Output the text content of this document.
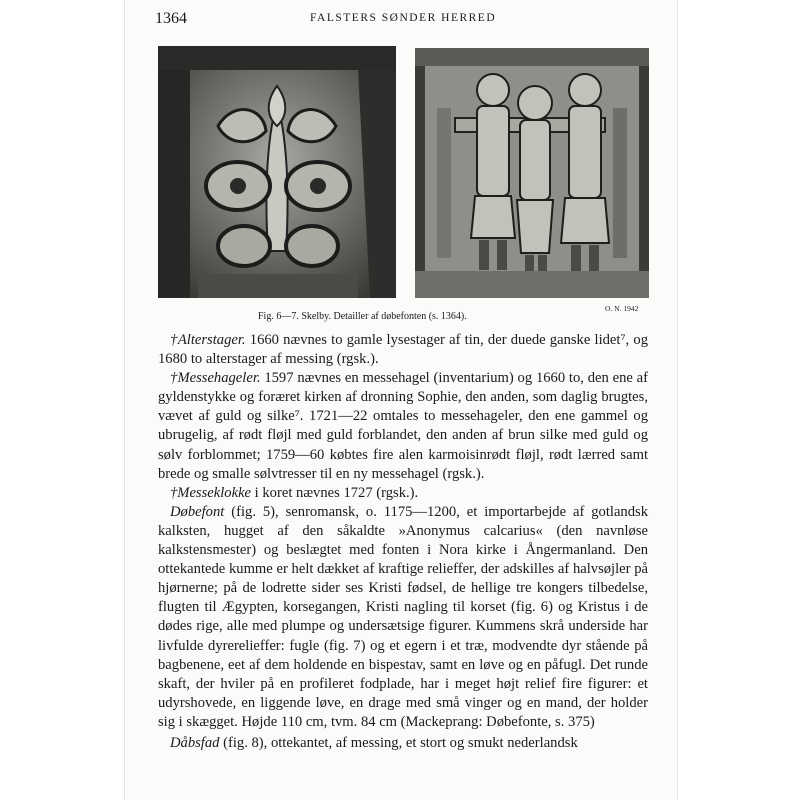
1364	FALSTERS SØNDER HERRED
Fig. 6—7. Skelby. Detailler af døbefonten (s. 1364).
O. N. 1942

†Alterstager. 1660 nævnes to gamle lysestager af tin, der duede ganske lidet⁷, og 1680 to alterstager af messing (rgsk.).

†Messehageler. 1597 nævnes en messehagel (inventarium) og 1660 to, den ene af gyldenstykke og foræret kirken af dronning Sophie, den anden, som daglig brugtes, vævet af guld og silke⁷. 1721—22 omtales to messehageler, den ene gammel og ubrugelig, af rødt fløjl med guld forblandet, den anden af brun silke med guld og sølv forblommet; 1759—60 købtes fire alen karmoisinrødt fløjl, rødt lærred samt brede og smalle sølvtresser til en ny messehagel (rgsk.).

†Messeklokke i koret nævnes 1727 (rgsk.).

Døbefont (fig. 5), senromansk, o. 1175—1200, et importarbejde af gotlandsk kalksten, hugget af den såkaldte »Anonymus calcarius« (den navnløse kalkstensmester) og beslægtet med fonten i Nora kirke i Ångermanland. Den ottekantede kumme er helt dækket af kraftige relieffer, der adskilles af halvsøjler på hjørnerne; på de lodrette sider ses Kristi fødsel, de hellige tre kongers tilbedelse, flugten til Ægypten, korsegangen, Kristi nagling til korset (fig. 6) og Kristus i de dødes rige, alle med plumpe og undersætsige figurer. Kummens skrå underside har livfulde dyrerelieffer: fugle (fig. 7) og et egern i et træ, modvendte dyr stående på bagbenene, eet af dem holdende en bispestav, samt en løve og en påfugl. Det runde skaft, der hviler på en profileret fodplade, har i meget højt relief fire figurer: et udyrshovede, en liggende løve, en drage med små vinger og en mand, der holder sig i skægget. Højde 110 cm, tvm. 84 cm (Mackeprang: Døbefonte, s. 375)

Dåbsfad (fig. 8), ottekantet, af messing, et stort og smukt nederlandsk
